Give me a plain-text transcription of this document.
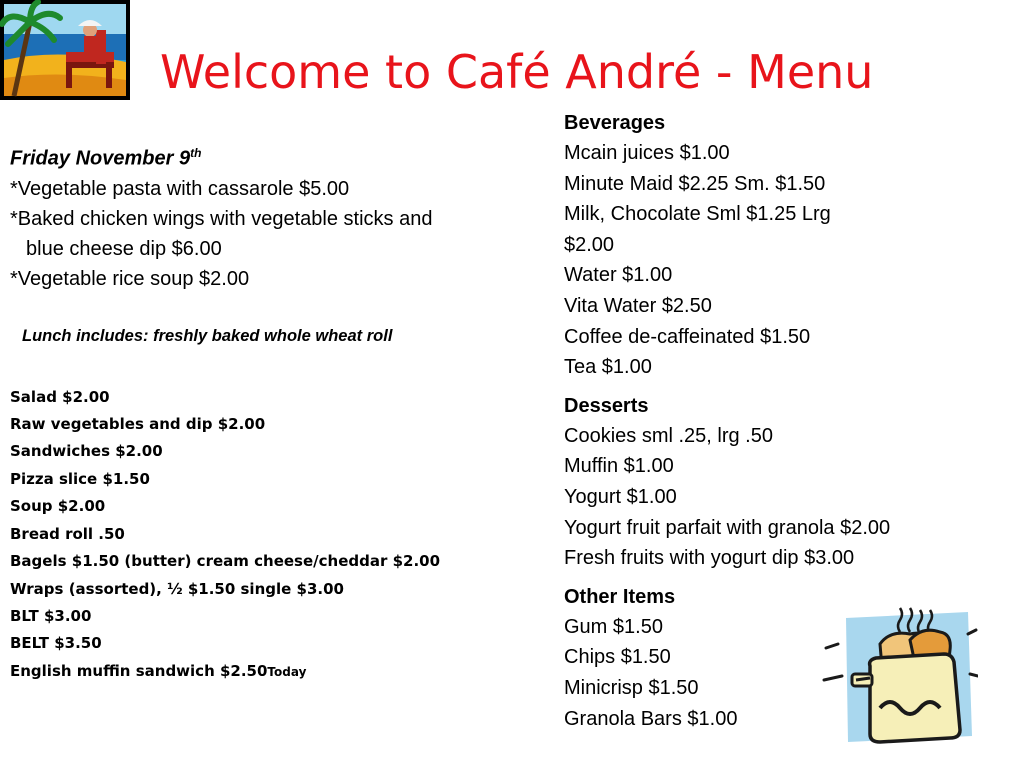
Welcome to Café André - Menu
Friday November 9th
*Vegetable pasta with cassarole $5.00
*Baked chicken wings with vegetable sticks and
blue cheese dip $6.00
*Vegetable rice soup $2.00
Lunch includes: freshly baked whole wheat roll
Salad $2.00
Raw vegetables and dip $2.00
Sandwiches $2.00
Pizza slice $1.50
Soup $2.00
Bread roll .50
Bagels $1.50 (butter) cream cheese/cheddar $2.00
Wraps (assorted), ½ $1.50 single $3.00
BLT $3.00
BELT $3.50
English muffin sandwich $2.50Today
Beverages
Mcain juices $1.00
Minute Maid $2.25 Sm. $1.50
Milk, Chocolate Sml $1.25 Lrg
$2.00
Water $1.00
Vita Water $2.50
Coffee de-caffeinated $1.50
Tea $1.00
Desserts
Cookies sml .25, lrg .50
Muffin $1.00
Yogurt $1.00
Yogurt fruit parfait with granola $2.00
Fresh fruits with yogurt dip $3.00
Other Items
Gum $1.50
Chips $1.50
Minicrisp $1.50
Granola Bars $1.00
